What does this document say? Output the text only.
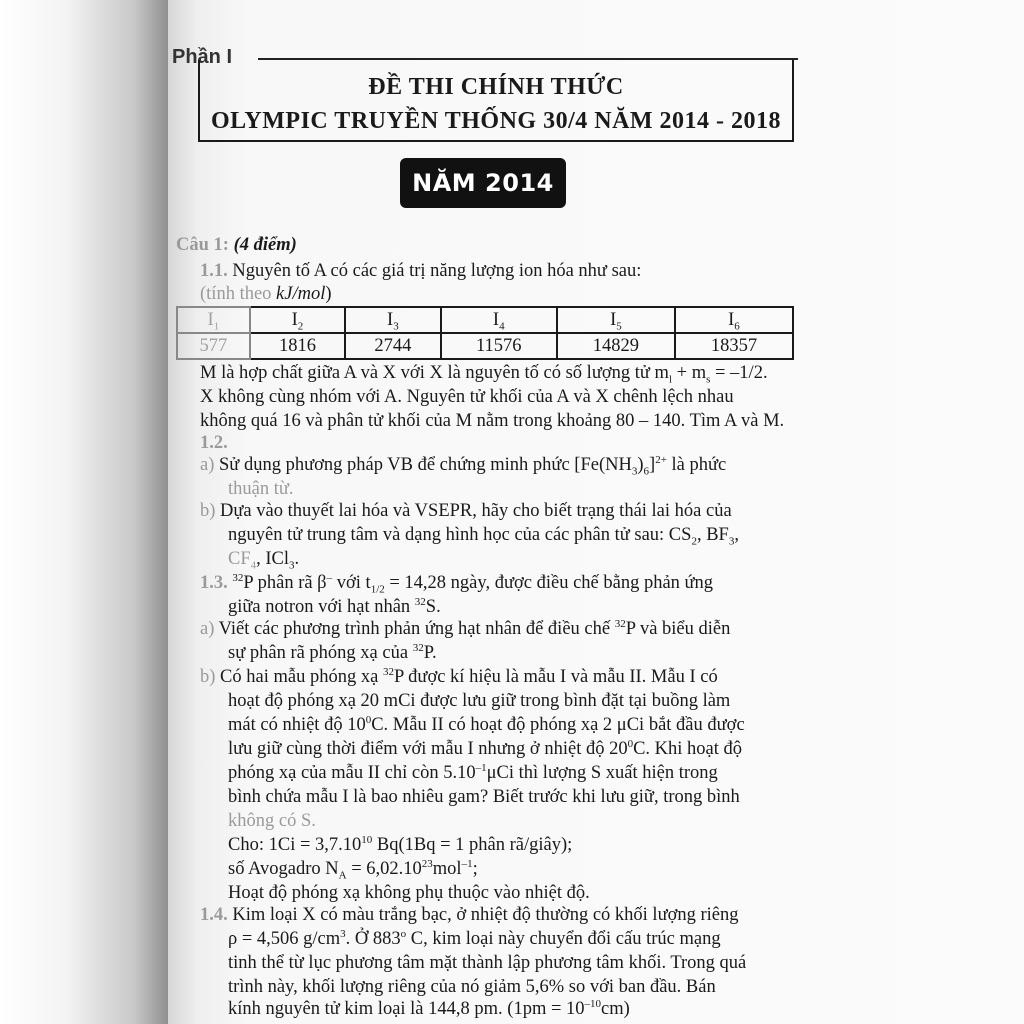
Phần I
ĐỀ THI CHÍNH THỨC
OLYMPIC TRUYỀN THỐNG 30/4 NĂM 2014 - 2018
NĂM 2014
Câu 1: (4 điểm)
1.1. Nguyên tố A có các giá trị năng lượng ion hóa như sau:
(tính theo kJ/mol)
$I_1$	$I_2$	$I_3$	$I_4$	$I_5$	$I_6$
577	1816	2744	11576	14829	18357
M là hợp chất giữa A và X với X là nguyên tố có số lượng tử $m_l + m_s = -1/2$.
X không cùng nhóm với A. Nguyên tử khối của A và X chênh lệch nhau
không quá 16 và phân tử khối của M nằm trong khoảng 80 – 140. Tìm A và M.
1.2.
a) Sử dụng phương pháp VB để chứng minh phức $[Fe(NH_3)_6]^{2+}$ là phức
thuận từ.
b) Dựa vào thuyết lai hóa và VSEPR, hãy cho biết trạng thái lai hóa của
nguyên tử trung tâm và dạng hình học của các phân tử sau: $CS_2$, $BF_3$,
$CF_4$, ICl$_3$.
1.3. $^{32}$P phân rã β– với $t_{1/2} = 14,28$ ngày, được điều chế bằng phản ứng
giữa notron với hạt nhân $^{32}$S.
a) Viết các phương trình phản ứng hạt nhân để điều chế $^{32}$P và biểu diễn
sự phân rã phóng xạ của $^{32}$P.
b) Có hai mẫu phóng xạ $^{32}$P được kí hiệu là mẫu I và mẫu II. Mẫu I có
hoạt độ phóng xạ 20 mCi được lưu giữ trong bình đặt tại buồng làm
mát có nhiệt độ $10^0C$. Mẫu II có hoạt độ phóng xạ 2 μCi bắt đầu được
lưu giữ cùng thời điểm với mẫu I nhưng ở nhiệt độ $20^0C$. Khi hoạt độ
phóng xạ của mẫu II chỉ còn $5.10^{-1}\mu Ci$ thì lượng S xuất hiện trong
bình chứa mẫu I là bao nhiêu gam? Biết trước khi lưu giữ, trong bình
không có S.
Cho: $1Ci = 3,7.10^{10}$ Bq(1Bq = 1 phân rã/giây);
số Avogadro $N_A = 6,02.10^{23}mol^{-1}$;
Hoạt độ phóng xạ không phụ thuộc vào nhiệt độ.
1.4. Kim loại X có màu trắng bạc, ở nhiệt độ thường có khối lượng riêng
ρ = 4,506 $g/cm^3$. Ở 883$^o$ C, kim loại này chuyển đổi cấu trúc mạng
tinh thể từ lục phương tâm mặt thành lập phương tâm khối. Trong quá
trình này, khối lượng riêng của nó giảm 5,6% so với ban đầu. Bán
kính nguyên tử kim loại là 144,8 pm. $(1pm = 10^{-10}cm)$
